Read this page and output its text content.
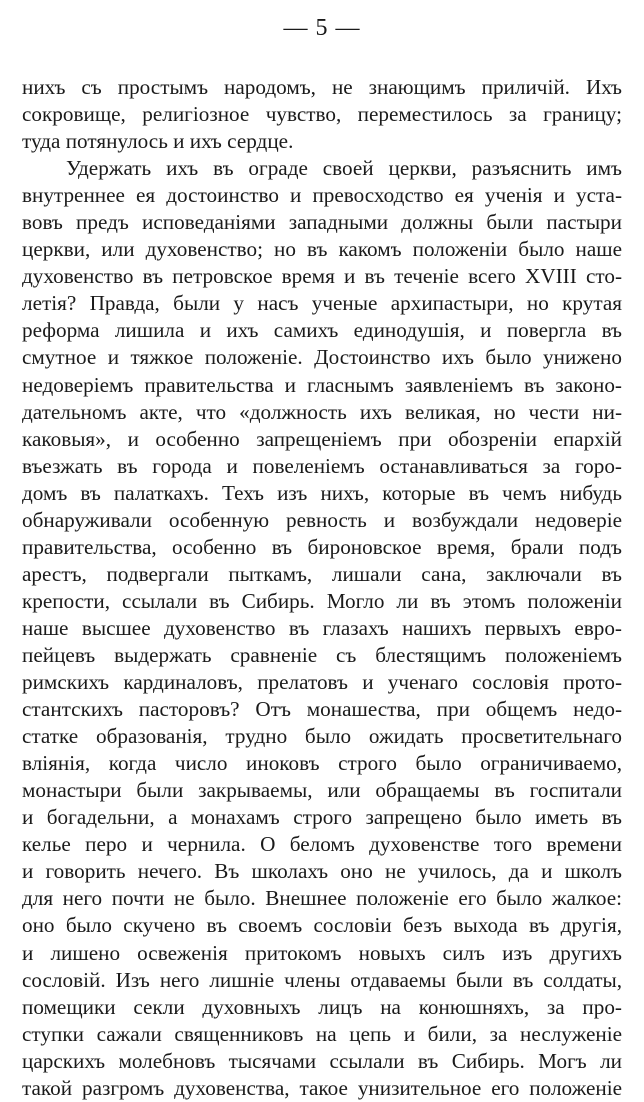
— 5 —
нихъ съ простымъ народомъ, не знающимъ приличій. Ихъ
сокровище, религіозное чувство, переместилось за границу;
туда потянулось и ихъ сердце.
Удержать ихъ въ ограде своей церкви, разъяснить имъ
внутреннее ея достоинство и превосходство ея ученія и уста-
вовъ предъ исповеданіями западными должны были пастыри
церкви, или духовенство; но въ какомъ положеніи было наше
духовенство въ петровское время и въ теченіе всего XVIII сто-
летія? Правда, были у насъ ученые архипастыри, но крутая
реформа лишила и ихъ самихъ единодушія, и повергла въ
смутное и тяжкое положеніе. Достоинство ихъ было унижено
недоверіемъ правительства и гласнымъ заявленіемъ въ законо-
дательномъ акте, что «должность ихъ великая, но чести ни-
каковыя», и особенно запрещеніемъ при обозреніи епархій
въезжать въ города и повеленіемъ останавливаться за горо-
домъ въ палаткахъ. Техъ изъ нихъ, которые въ чемъ нибудь
обнаруживали особенную ревность и возбуждали недоверіе
правительства, особенно въ бироновское время, брали подъ
арестъ, подвергали пыткамъ, лишали сана, заключали въ
крепости, ссылали въ Сибирь. Могло ли въ этомъ положеніи
наше высшее духовенство въ глазахъ нашихъ первыхъ евро-
пейцевъ выдержать сравненіе съ блестящимъ положеніемъ
римскихъ кардиналовъ, прелатовъ и ученаго сословія прото-
стантскихъ пасторовъ? Отъ монашества, при общемъ недо-
статке образованія, трудно было ожидать просветительнаго
вліянія, когда число иноковъ строго было ограничиваемо,
монастыри были закрываемы, или обращаемы въ госпитали
и богадельни, а монахамъ строго запрещено было иметь въ
келье перо и чернила. О беломъ духовенстве того времени
и говорить нечего. Въ школахъ оно не училось, да и школъ
для него почти не было. Внешнее положеніе его было жалкое:
оно было скучено въ своемъ сословіи безъ выхода въ другія,
и лишено освеженія притокомъ новыхъ силъ изъ другихъ
сословій. Изъ него лишніе члены отдаваемы были въ солдаты,
помещики секли духовныхъ лицъ на конюшняхъ, за про-
ступки сажали священниковъ на цепь и били, за неслуженіе
царскихъ молебновъ тысячами ссылали въ Сибирь. Могъ ли
такой разгромъ духовенства, такое унизительное его положеніе
